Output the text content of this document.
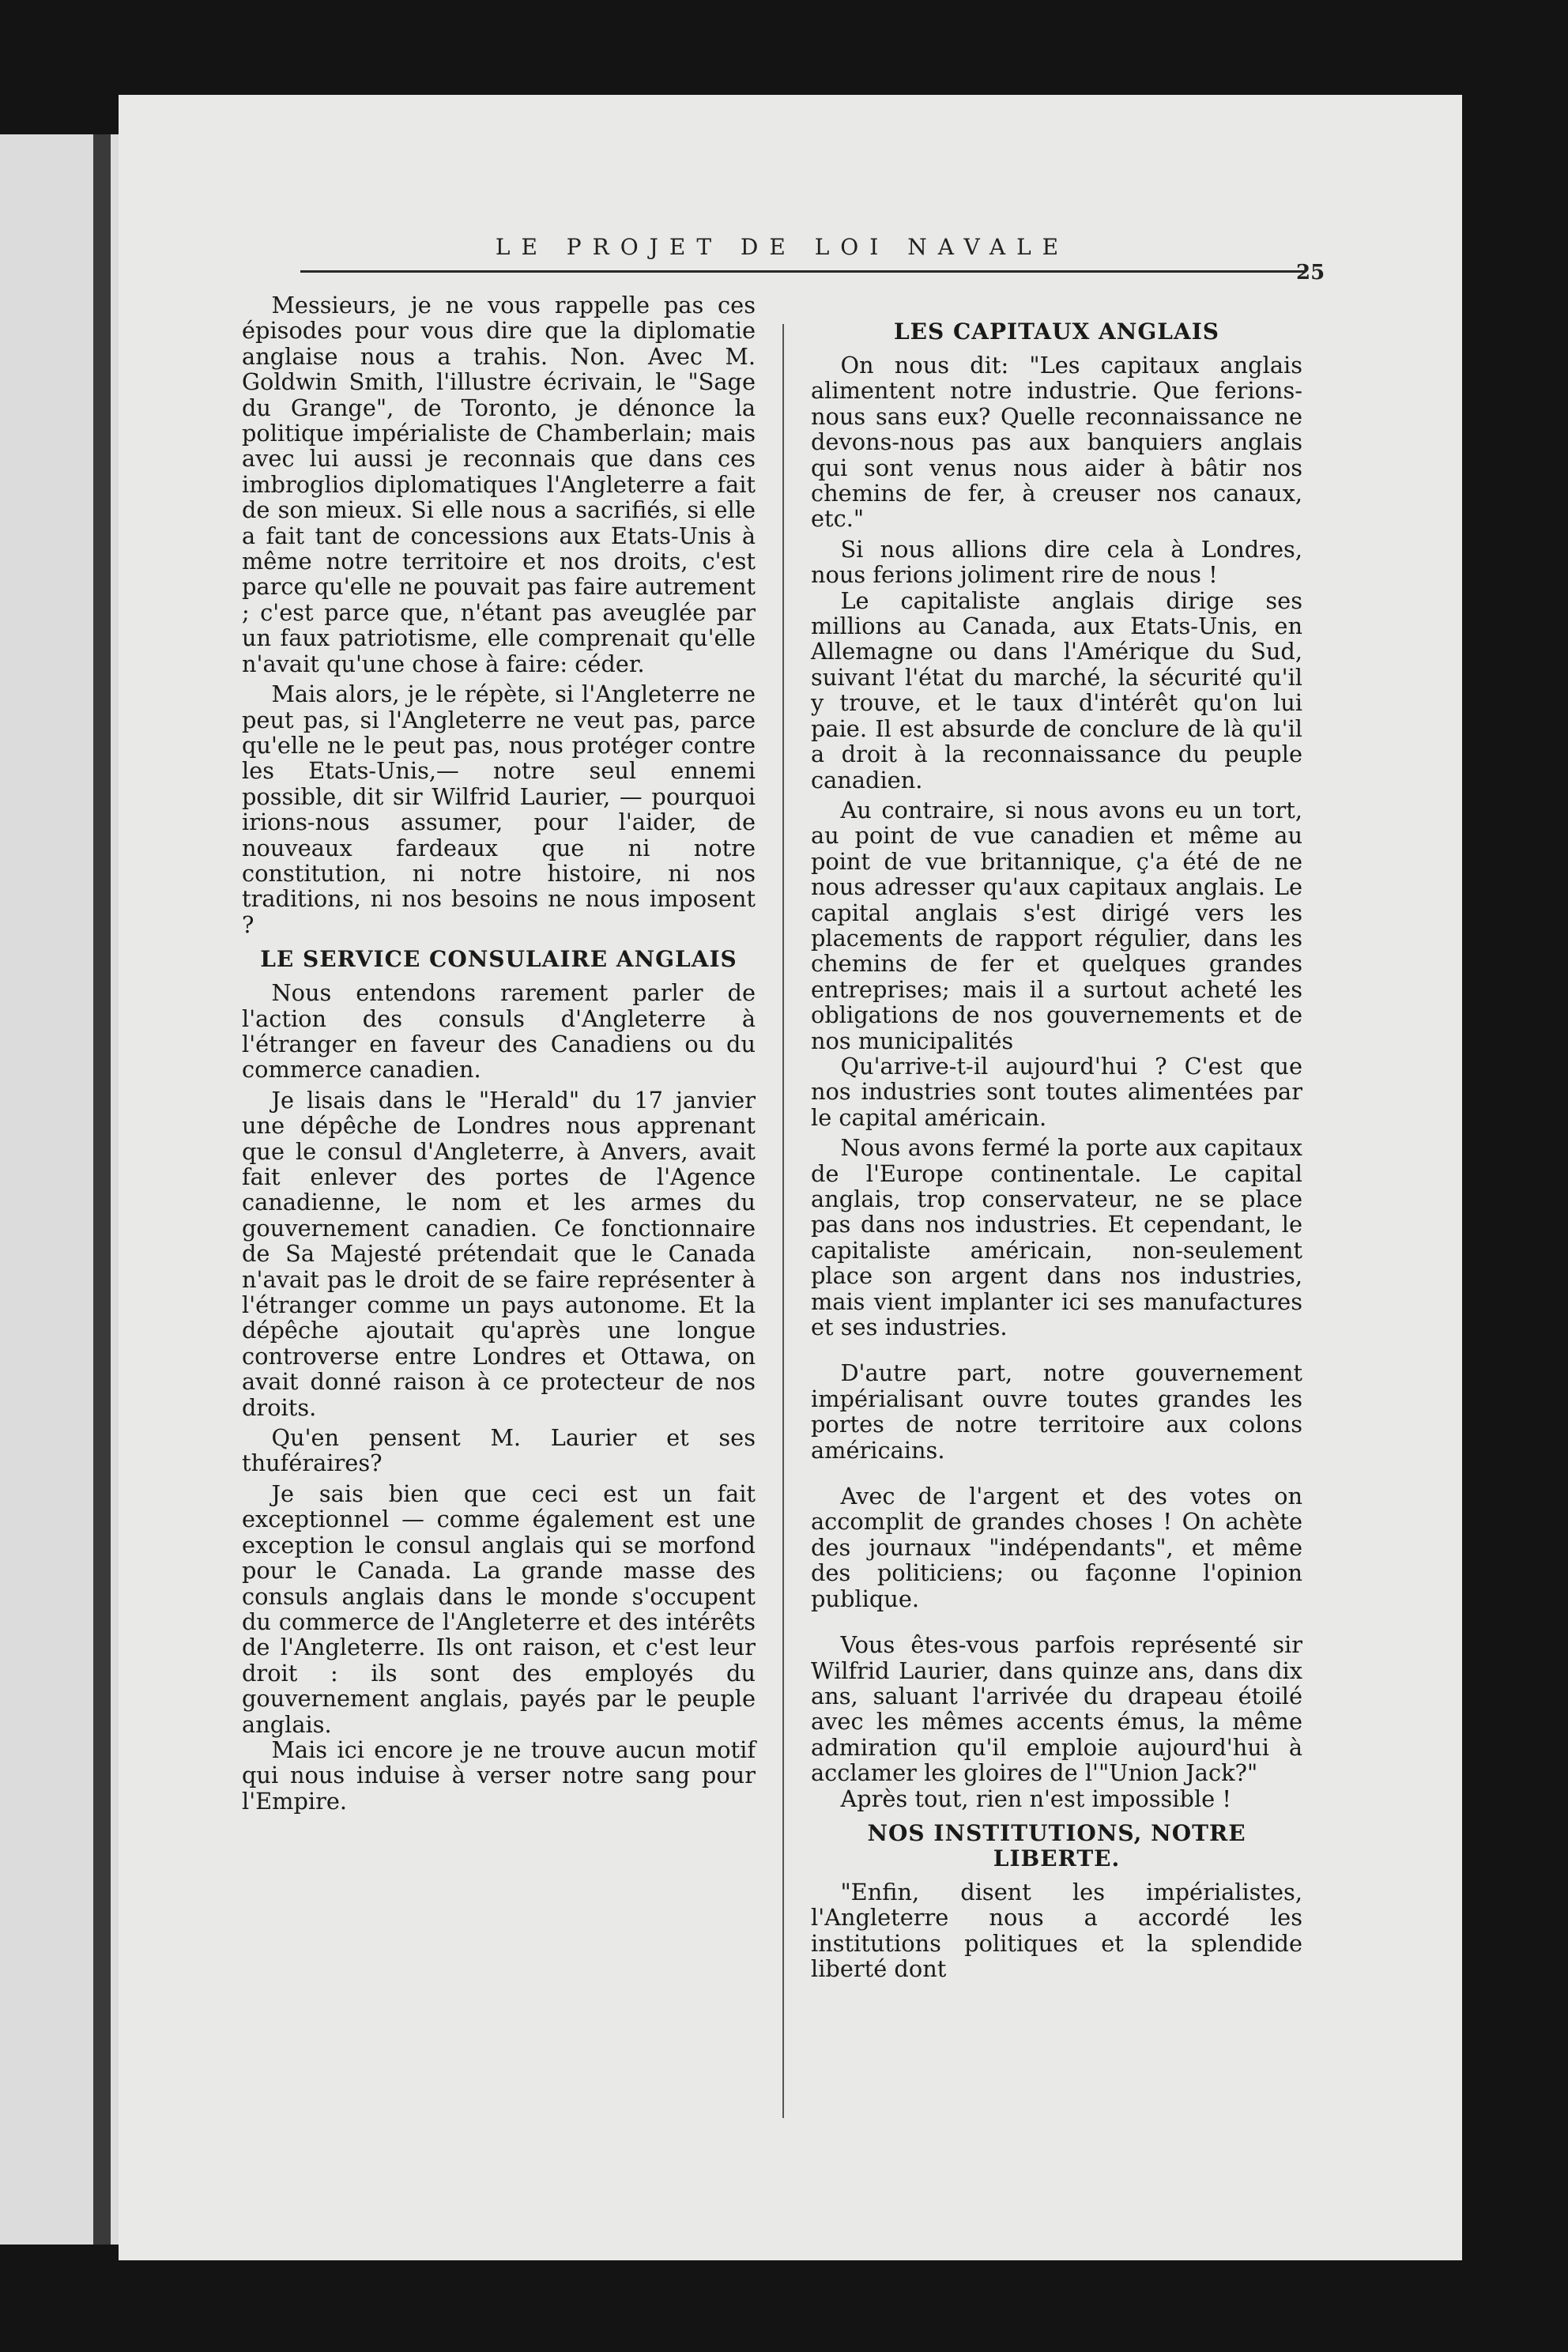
LE PROJET DE LOI NAVALE
25

Messieurs, je ne vous rappelle pas ces épisodes pour vous dire que la diplomatie anglaise nous a trahis. Non. Avec M. Goldwin Smith, l'illustre écrivain, le "Sage du Grange", de Toronto, je dénonce la politique impérialiste de Chamberlain; mais avec lui aussi je reconnais que dans ces imbroglios diplomatiques l'Angleterre a fait de son mieux. Si elle nous a sacrifiés, si elle a fait tant de concessions aux Etats-Unis à même notre territoire et nos droits, c'est parce qu'elle ne pouvait pas faire autrement ; c'est parce que, n'étant pas aveuglée par un faux patriotisme, elle comprenait qu'elle n'avait qu'une chose à faire: céder.

Mais alors, je le répète, si l'Angleterre ne peut pas, si l'Angleterre ne veut pas, parce qu'elle ne le peut pas, nous protéger contre les Etats-Unis,— notre seul ennemi possible, dit sir Wilfrid Laurier, — pourquoi irions-nous assumer, pour l'aider, de nouveaux fardeaux que ni notre constitution, ni notre histoire, ni nos traditions, ni nos besoins ne nous imposent ?

LE SERVICE CONSULAIRE ANGLAIS

Nous entendons rarement parler de l'action des consuls d'Angleterre à l'étranger en faveur des Canadiens ou du commerce canadien.

Je lisais dans le "Herald" du 17 janvier une dépêche de Londres nous apprenant que le consul d'Angleterre, à Anvers, avait fait enlever des portes de l'Agence canadienne, le nom et les armes du gouvernement canadien. Ce fonctionnaire de Sa Majesté prétendait que le Canada n'avait pas le droit de se faire représenter à l'étranger comme un pays autonome. Et la dépêche ajoutait qu'après une longue controverse entre Londres et Ottawa, on avait donné raison à ce protecteur de nos droits.

Qu'en pensent M. Laurier et ses thuféraires?

Je sais bien que ceci est un fait exceptionnel — comme également est une exception le consul anglais qui se morfond pour le Canada. La grande masse des consuls anglais dans le monde s'occupent du commerce de l'Angleterre et des intérêts de l'Angleterre. Ils ont raison, et c'est leur droit : ils sont des employés du gouvernement anglais, payés par le peuple anglais.

Mais ici encore je ne trouve aucun motif qui nous induise à verser notre sang pour l'Empire.

LES CAPITAUX ANGLAIS

On nous dit: "Les capitaux anglais alimentent notre industrie. Que ferions-nous sans eux? Quelle reconnaissance ne devons-nous pas aux banquiers anglais qui sont venus nous aider à bâtir nos chemins de fer, à creuser nos canaux, etc."

Si nous allions dire cela à Londres, nous ferions joliment rire de nous !

Le capitaliste anglais dirige ses millions au Canada, aux Etats-Unis, en Allemagne ou dans l'Amérique du Sud, suivant l'état du marché, la sécurité qu'il y trouve, et le taux d'intérêt qu'on lui paie. Il est absurde de conclure de là qu'il a droit à la reconnaissance du peuple canadien.

Au contraire, si nous avons eu un tort, au point de vue canadien et même au point de vue britannique, ç'a été de ne nous adresser qu'aux capitaux anglais. Le capital anglais s'est dirigé vers les placements de rapport régulier, dans les chemins de fer et quelques grandes entreprises; mais il a surtout acheté les obligations de nos gouvernements et de nos municipalités

Qu'arrive-t-il aujourd'hui ? C'est que nos industries sont toutes alimentées par le capital américain.

Nous avons fermé la porte aux capitaux de l'Europe continentale. Le capital anglais, trop conservateur, ne se place pas dans nos industries. Et cependant, le capitaliste américain, non-seulement place son argent dans nos industries, mais vient implanter ici ses manufactures et ses industries.

D'autre part, notre gouvernement impérialisant ouvre toutes grandes les portes de notre territoire aux colons américains.

Avec de l'argent et des votes on accomplit de grandes choses ! On achète des journaux "indépendants", et même des politiciens; ou façonne l'opinion publique.

Vous êtes-vous parfois représenté sir Wilfrid Laurier, dans quinze ans, dans dix ans, saluant l'arrivée du drapeau étoilé avec les mêmes accents émus, la même admiration qu'il emploie aujourd'hui à acclamer les gloires de l'"Union Jack?"

Après tout, rien n'est impossible !

NOS INSTITUTIONS, NOTRE LIBERTE.

"Enfin, disent les impérialistes, l'Angleterre nous a accordé les institutions politiques et la splendide liberté dont
